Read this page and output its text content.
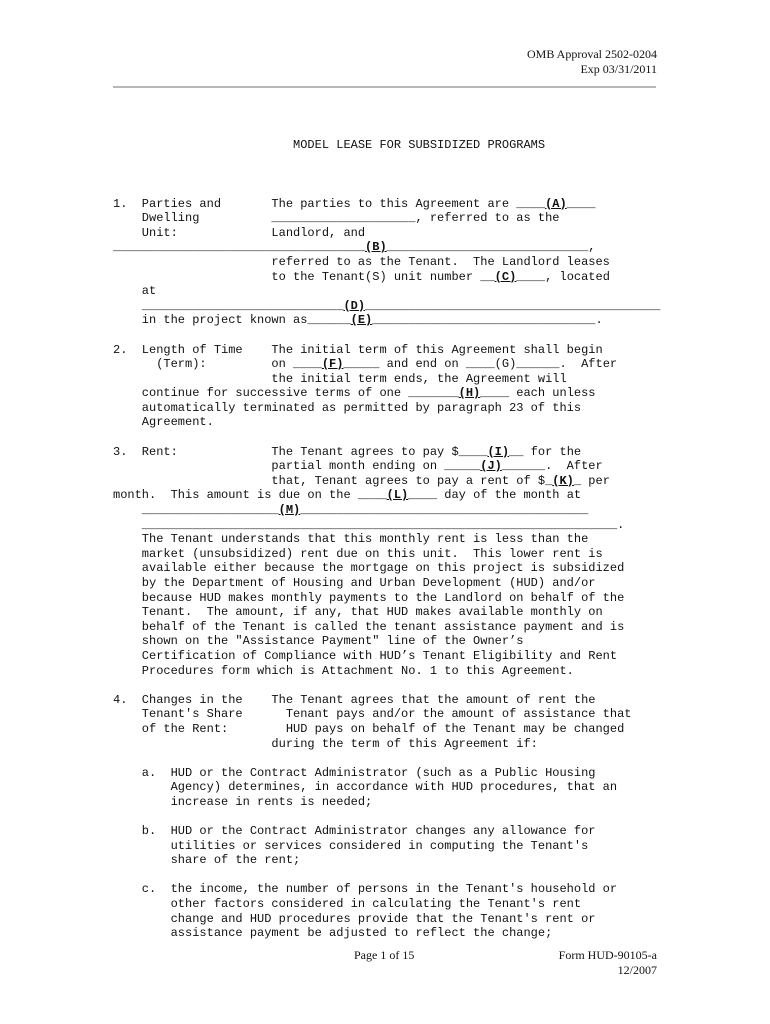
OMB Approval 2502-0204
Exp 03/31/2011

MODEL LEASE FOR SUBSIDIZED PROGRAMS

1.  Parties and       The parties to this Agreement are ____(A)____
Dwelling          ____________________, referred to as the
Unit:             Landlord, and
___________________________________(B)____________________________,
referred to as the Tenant.  The Landlord leases
to the Tenant(S) unit number __(C)____, located
at
____________________________(D)_________________________________________
in the project known as______(E)_______________________________.
2.  Length of Time    The initial term of this Agreement shall begin
(Term):         on ____(F)_____ and end on ____(G)______.  After
the initial term ends, the Agreement will
continue for successive terms of one _______(H)____ each unless
automatically terminated as permitted by paragraph 23 of this
Agreement.
3.  Rent:             The Tenant agrees to pay $____(I)__ for the
partial month ending on _____(J)______.  After
that, Tenant agrees to pay a rent of $_(K)_ per
month.  This amount is due on the ____(L)____ day of the month at
___________________(M)________________________________________
__________________________________________________________________.
The Tenant understands that this monthly rent is less than the
market (unsubsidized) rent due on this unit.  This lower rent is
available either because the mortgage on this project is subsidized
by the Department of Housing and Urban Development (HUD) and/or
because HUD makes monthly payments to the Landlord on behalf of the
Tenant.  The amount, if any, that HUD makes available monthly on
behalf of the Tenant is called the tenant assistance payment and is
shown on the "Assistance Payment" line of the Owner’s
Certification of Compliance with HUD’s Tenant Eligibility and Rent
Procedures form which is Attachment No. 1 to this Agreement.
4.  Changes in the    The Tenant agrees that the amount of rent the
Tenant's Share      Tenant pays and/or the amount of assistance that
of the Rent:        HUD pays on behalf of the Tenant may be changed
during the term of this Agreement if:
a.  HUD or the Contract Administrator (such as a Public Housing
Agency) determines, in accordance with HUD procedures, that an
increase in rents is needed;
b.  HUD or the Contract Administrator changes any allowance for
utilities or services considered in computing the Tenant's
share of the rent;
c.  the income, the number of persons in the Tenant's household or
other factors considered in calculating the Tenant's rent
change and HUD procedures provide that the Tenant's rent or
assistance payment be adjusted to reflect the change;

Page 1 of 15	Form HUD-90105-a
12/2007
